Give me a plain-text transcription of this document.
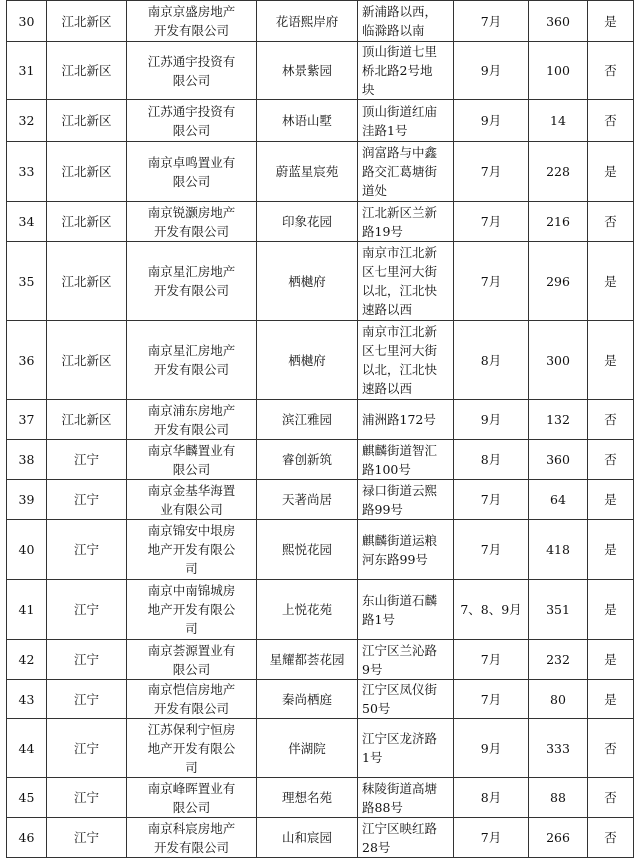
30	江北新区	南京京盛房地产
开发有限公司	花语熙岸府	新浦路以西，
临滁路以南	7月	360	是

31	江北新区	江苏通宇投资有
限公司	林景紫园	顶山街道七里
桥北路2号地
块	9月	100	否

32	江北新区	江苏通宇投资有
限公司	林语山墅	顶山街道红庙
洼路1号	9月	14	否

33	江北新区	南京卓鸣置业有
限公司	蔚蓝星宸苑	润富路与中鑫
路交汇葛塘街
道处	7月	228	是

34	江北新区	南京锐灏房地产
开发有限公司	印象花园	江北新区兰新
路19号	7月	216	否

35	江北新区	南京星汇房地产
开发有限公司	栖樾府	南京市江北新
区七里河大街
以北，江北快
速路以西	7月	296	是

36	江北新区	南京星汇房地产
开发有限公司	栖樾府	南京市江北新
区七里河大街
以北，江北快
速路以西	8月	300	是

37	江北新区	南京浦东房地产
开发有限公司	滨江雅园	浦洲路172号	9月	132	否

38	江宁	南京华麟置业有
限公司	睿创新筑	麒麟街道智汇
路100号	8月	360	否

39	江宁	南京金基华海置
业有限公司	天著尚居	禄口街道云熙
路99号	7月	64	是

40	江宁	南京锦安中垠房
地产开发有限公
司	熙悦花园	麒麟街道运粮
河东路99号	7月	418	是

41	江宁	南京中南锦城房
地产开发有限公
司	上悦花苑	东山街道石麟
路1号	7、8、9月	351	是

42	江宁	南京荟源置业有
限公司	星耀都荟花园	江宁区兰沁路
9号	7月	232	是

43	江宁	南京恺信房地产
开发有限公司	秦尚栖庭	江宁区凤仪街
50号	7月	80	是

44	江宁	江苏保利宁恒房
地产开发有限公
司	伴湖院	江宁区龙济路
1号	9月	333	否

45	江宁	南京峰晖置业有
限公司	理想名苑	秣陵街道高塘
路88号	8月	88	否

46	江宁	南京科宸房地产
开发有限公司	山和宸园	江宁区映红路
28号	7月	266	否
